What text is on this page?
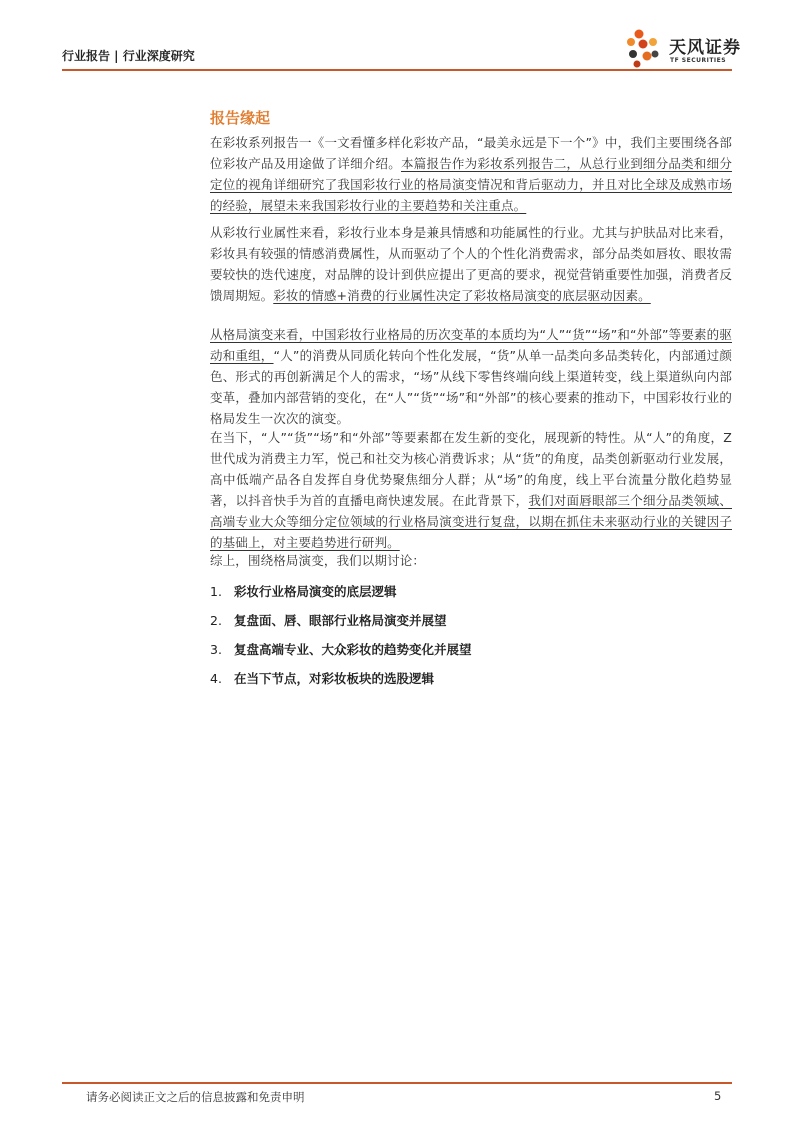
行业报告 | 行业深度研究	天风证券
TF SECURITIES
报告缘起
在彩妆系列报告一《一文看懂多样化彩妆产品，“最美永远是下一个”》中，我们主要围绕各部位彩妆产品及用途做了详细介绍。本篇报告作为彩妆系列报告二，从总行业到细分品类和细分定位的视角详细研究了我国彩妆行业的格局演变情况和背后驱动力，并且对比全球及成熟市场的经验，展望未来我国彩妆行业的主要趋势和关注重点。
从彩妆行业属性来看，彩妆行业本身是兼具情感和功能属性的行业。尤其与护肤品对比来看，彩妆具有较强的情感消费属性，从而驱动了个人的个性化消费需求，部分品类如唇妆、眼妆需要较快的迭代速度，对品牌的设计到供应提出了更高的要求，视觉营销重要性加强，消费者反馈周期短。彩妆的情感+消费的行业属性决定了彩妆格局演变的底层驱动因素。
从格局演变来看，中国彩妆行业格局的历次变革的本质均为“人”“货”“场”和“外部”等要素的驱动和重组，“人”的消费从同质化转向个性化发展，“货”从单一品类向多品类转化，内部通过颜色、形式的再创新满足个人的需求，“场”从线下零售终端向线上渠道转变，线上渠道纵向内部变革，叠加内部营销的变化，在“人”“货”“场”和“外部”的核心要素的推动下，中国彩妆行业的格局发生一次次的演变。
在当下，“人”“货”“场”和“外部”等要素都在发生新的变化，展现新的特性。从“人”的角度，Z 世代成为消费主力军，悦己和社交为核心消费诉求；从“货”的角度，品类创新驱动行业发展，高中低端产品各自发挥自身优势聚焦细分人群；从“场”的角度，线上平台流量分散化趋势显著，以抖音快手为首的直播电商快速发展。在此背景下，我们对面唇眼部三个细分品类领域、高端专业大众等细分定位领域的行业格局演变进行复盘，以期在抓住未来驱动行业的关键因子的基础上，对主要趋势进行研判。
综上，围绕格局演变，我们以期讨论：
1. 彩妆行业格局演变的底层逻辑
2. 复盘面、唇、眼部行业格局演变并展望
3. 复盘高端专业、大众彩妆的趋势变化并展望
4. 在当下节点，对彩妆板块的选股逻辑
请务必阅读正文之后的信息披露和免责申明	5
